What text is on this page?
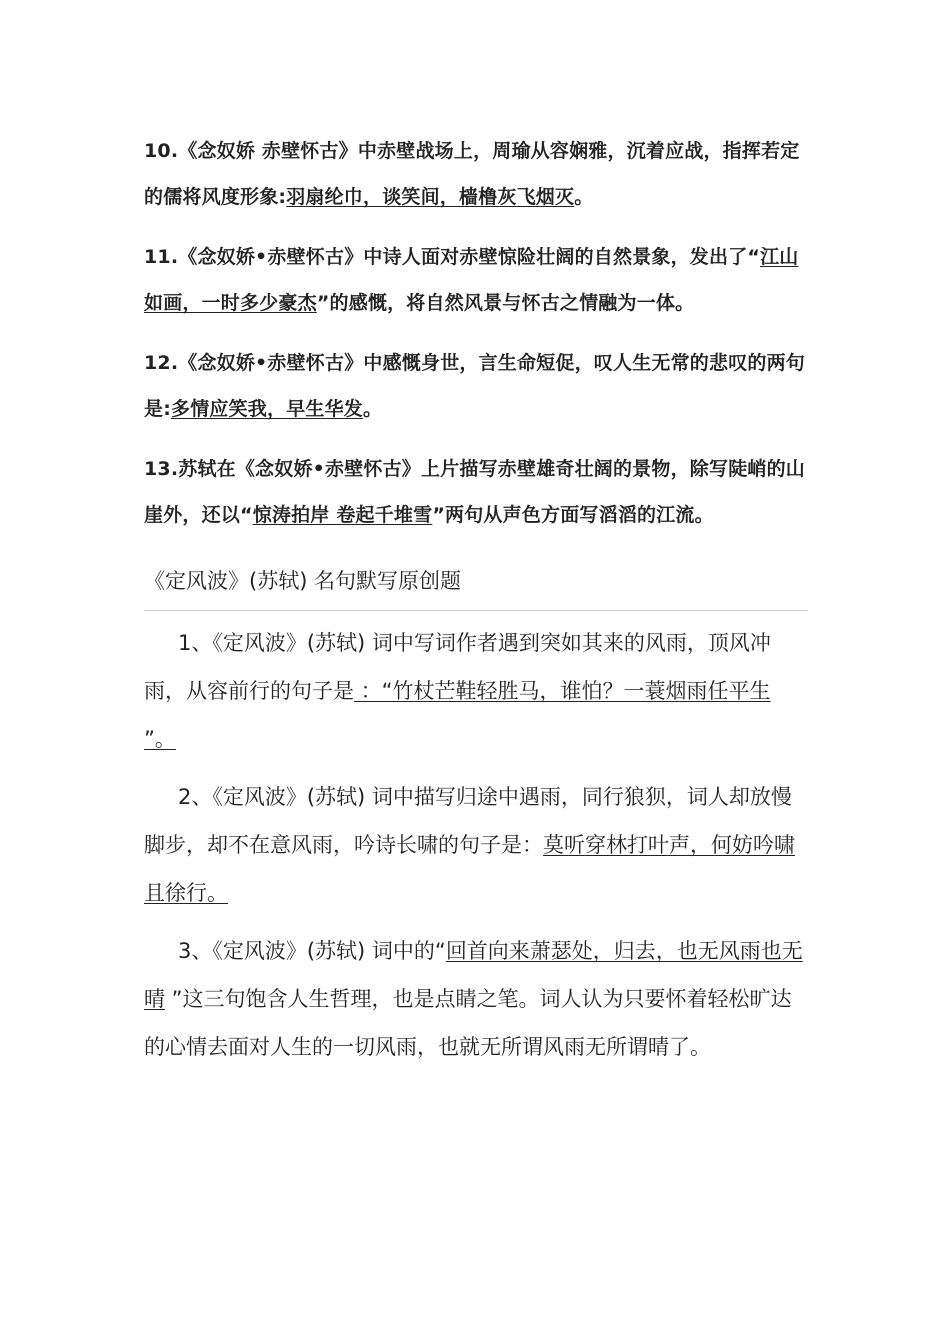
10.《念奴娇 赤壁怀古》中赤壁战场上，周瑜从容娴雅，沉着应战，指挥若定的儒将风度形象:羽扇纶巾，谈笑间，樯橹灰飞烟灭。

11.《念奴娇•赤壁怀古》中诗人面对赤壁惊险壮阔的自然景象，发出了“江山如画，一时多少豪杰”的感慨，将自然风景与怀古之情融为一体。

12.《念奴娇•赤壁怀古》中感慨身世，言生命短促，叹人生无常的悲叹的两句是:多情应笑我，早生华发。

13.苏轼在《念奴娇•赤壁怀古》上片描写赤壁雄奇壮阔的景物，除写陡峭的山崖外，还以“惊涛拍岸 卷起千堆雪”两句从声色方面写滔滔的江流。

《定风波》(苏轼) 名句默写原创题

1、《定风波》(苏轼) 词中写词作者遇到突如其来的风雨，顶风冲雨，从容前行的句子是 ：“竹杖芒鞋轻胜马，谁怕？一蓑烟雨任平生 ”。

2、《定风波》(苏轼) 词中描写归途中遇雨，同行狼狈，词人却放慢脚步，却不在意风雨，吟诗长啸的句子是：莫听穿林打叶声，何妨吟啸且徐行。

3、《定风波》(苏轼) 词中的“回首向来萧瑟处，归去，也无风雨也无晴 ”这三句饱含人生哲理，也是点睛之笔。词人认为只要怀着轻松旷达的心情去面对人生的一切风雨，也就无所谓风雨无所谓晴了。
